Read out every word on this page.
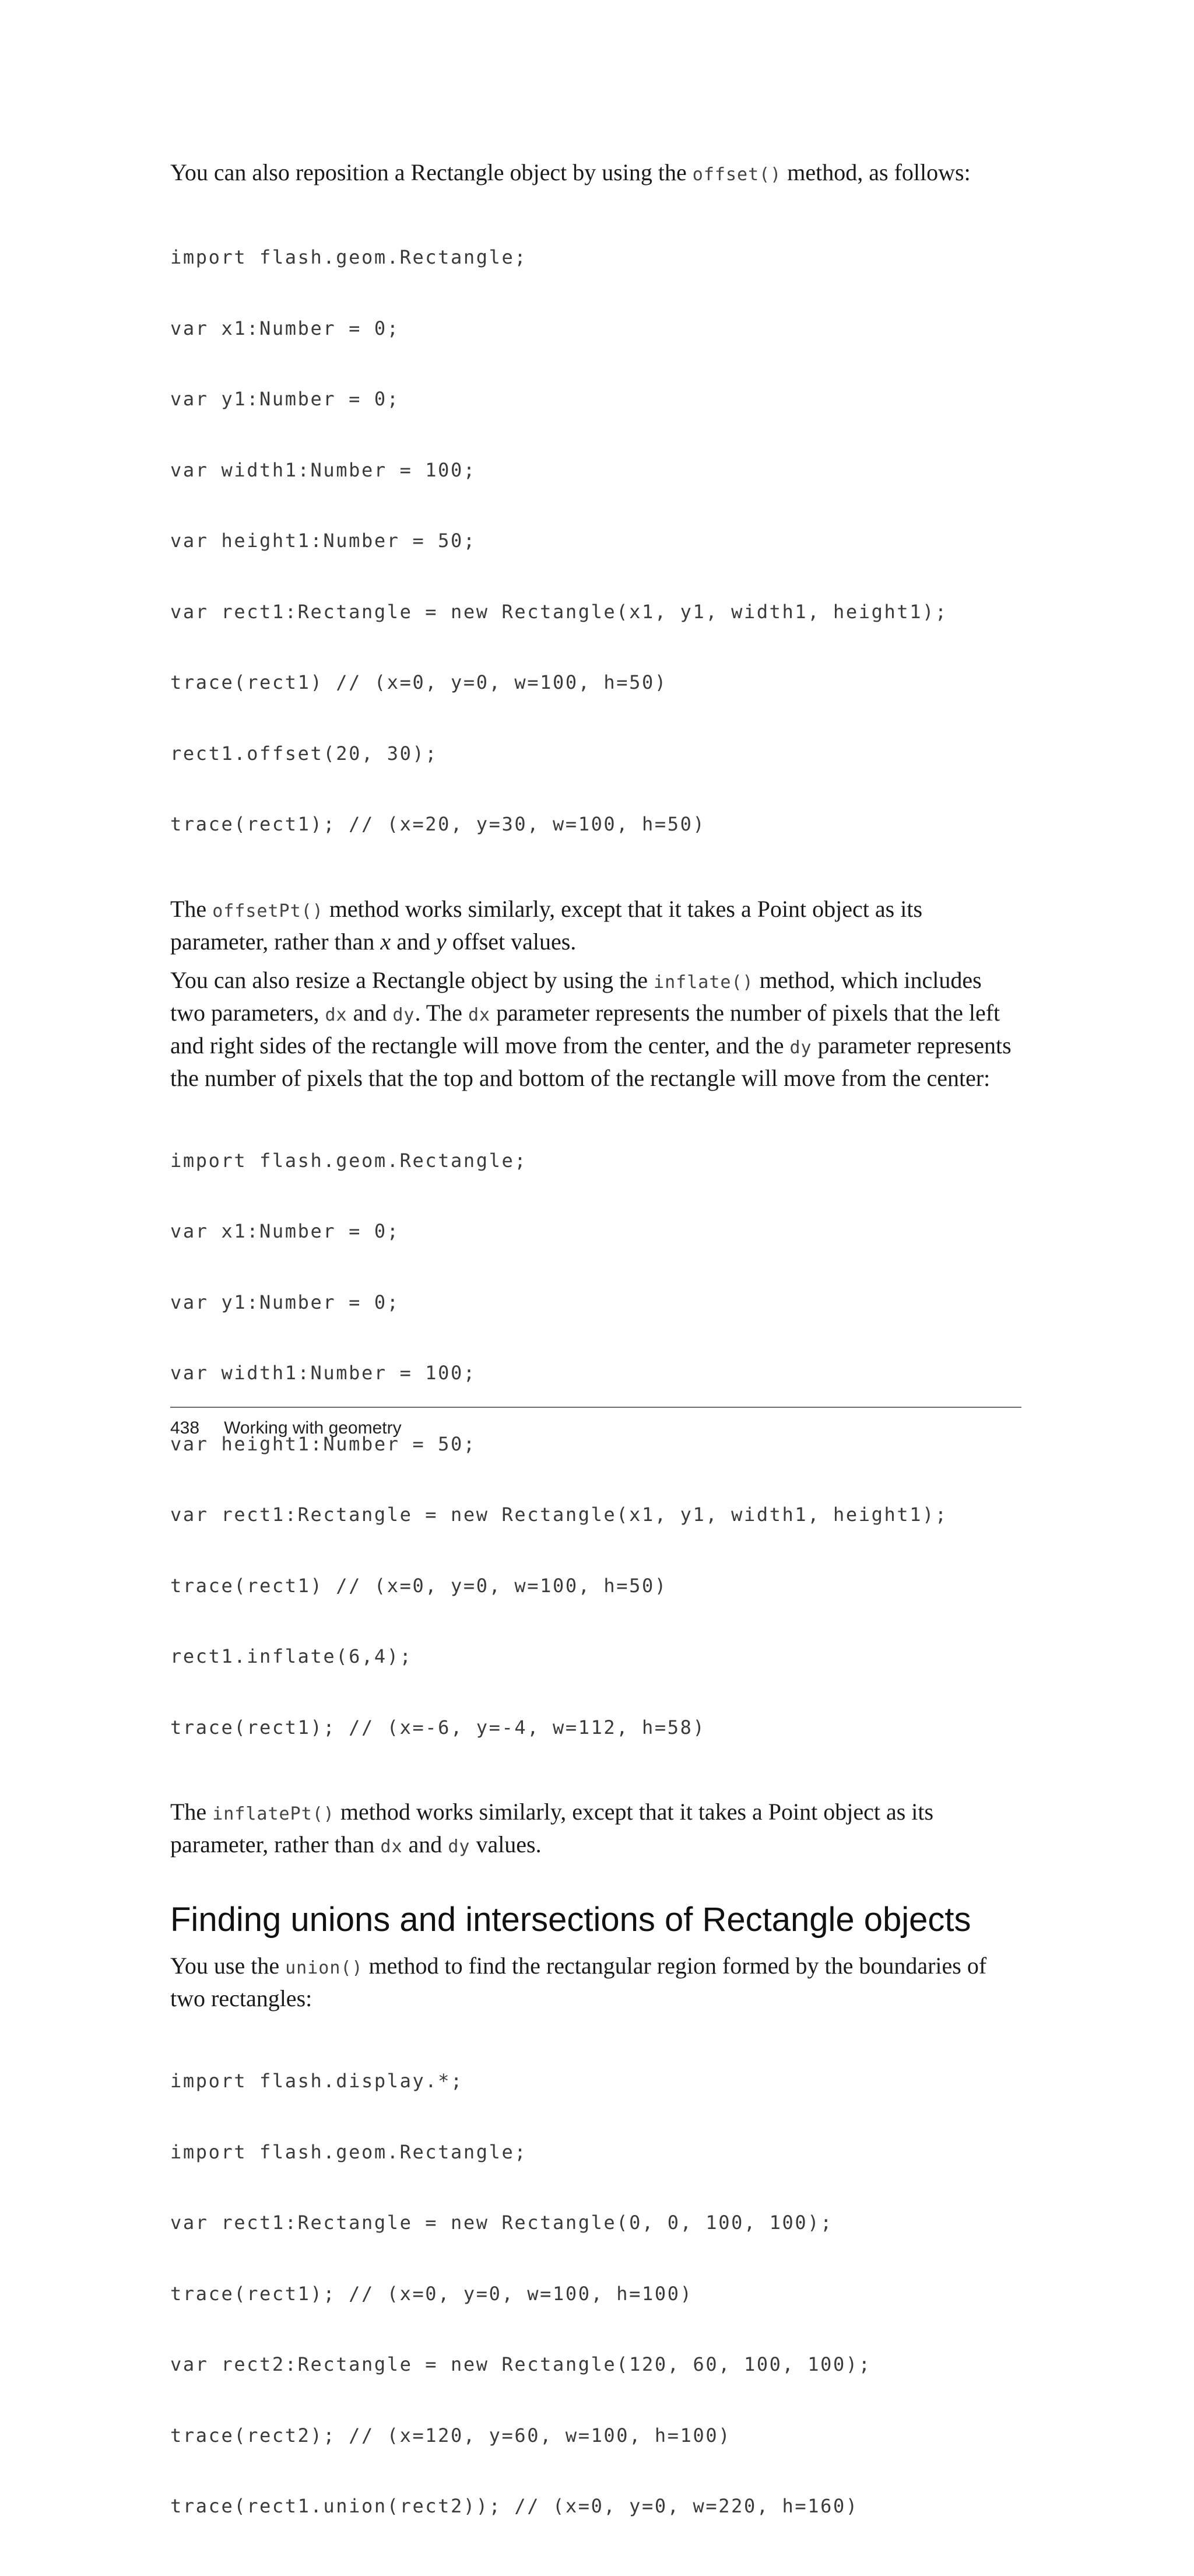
You can also reposition a Rectangle object by using the offset() method, as follows:

import flash.geom.Rectangle;

var x1:Number = 0;

var y1:Number = 0;

var width1:Number = 100;

var height1:Number = 50;

var rect1:Rectangle = new Rectangle(x1, y1, width1, height1);

trace(rect1) // (x=0, y=0, w=100, h=50)

rect1.offset(20, 30);

trace(rect1); // (x=20, y=30, w=100, h=50)

The offsetPt() method works similarly, except that it takes a Point object as its parameter, rather than x and y offset values.

You can also resize a Rectangle object by using the inflate() method, which includes two parameters, dx and dy. The dx parameter represents the number of pixels that the left and right sides of the rectangle will move from the center, and the dy parameter represents the number of pixels that the top and bottom of the rectangle will move from the center:

import flash.geom.Rectangle;

var x1:Number = 0;

var y1:Number = 0;

var width1:Number = 100;

var height1:Number = 50;

var rect1:Rectangle = new Rectangle(x1, y1, width1, height1);

trace(rect1) // (x=0, y=0, w=100, h=50)

rect1.inflate(6,4);

trace(rect1); // (x=-6, y=-4, w=112, h=58)

The inflatePt() method works similarly, except that it takes a Point object as its parameter, rather than dx and dy values.

Finding unions and intersections of Rectangle objects

You use the union() method to find the rectangular region formed by the boundaries of two rectangles:

import flash.display.*;

import flash.geom.Rectangle;

var rect1:Rectangle = new Rectangle(0, 0, 100, 100);

trace(rect1); // (x=0, y=0, w=100, h=100)

var rect2:Rectangle = new Rectangle(120, 60, 100, 100);

trace(rect2); // (x=120, y=60, w=100, h=100)

trace(rect1.union(rect2)); // (x=0, y=0, w=220, h=160)

438 Working with geometry
